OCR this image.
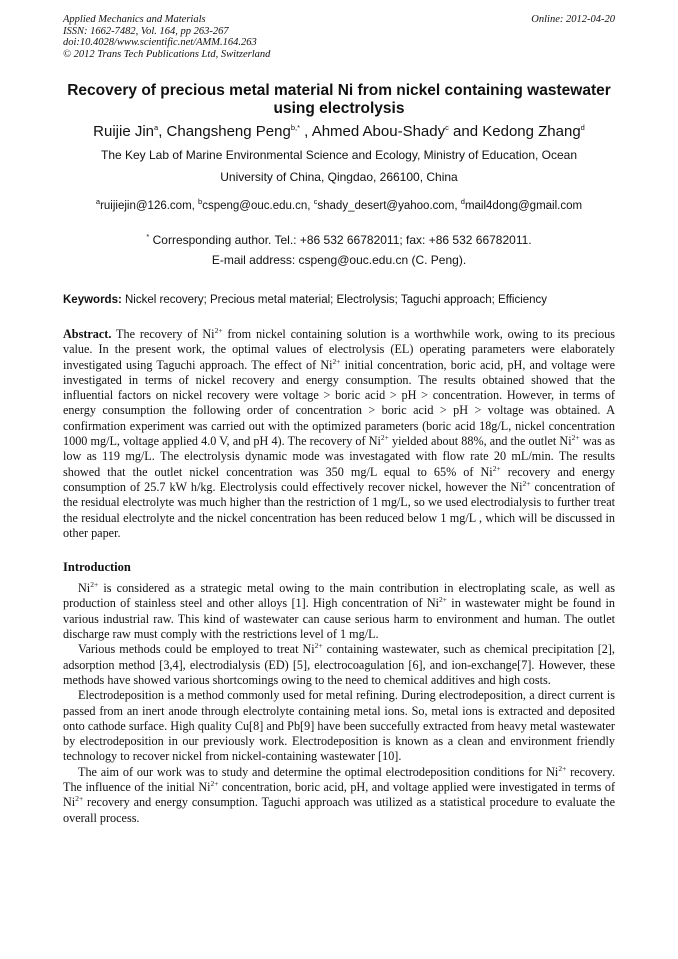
Applied Mechanics and Materials
ISSN: 1662-7482, Vol. 164, pp 263-267
doi:10.4028/www.scientific.net/AMM.164.263
© 2012 Trans Tech Publications Ltd, Switzerland
Online: 2012-04-20
Recovery of precious metal material Ni from nickel containing wastewater using electrolysis
Ruijie Jin$^a$, Changsheng Peng$^{b,*}$ , Ahmed Abou-Shady$^c$ and Kedong Zhang$^d$
The Key Lab of Marine Environmental Science and Ecology, Ministry of Education, Ocean
University of China, Qingdao, 266100, China
$^a$ruijiejin@126.com, $^b$cspeng@ouc.edu.cn, $^c$shady_desert@yahoo.com, $^d$mail4dong@gmail.com
* Corresponding author. Tel.: +86 532 66782011; fax: +86 532 66782011.
E-mail address: cspeng@ouc.edu.cn (C. Peng).
Keywords: Nickel recovery; Precious metal material; Electrolysis; Taguchi approach; Efficiency

Abstract. The recovery of $Ni^{2+}$ from nickel containing solution is a worthwhile work, owing to its precious value. In the present work, the optimal values of electrolysis (EL) operating parameters were elaborately investigated using Taguchi approach. The effect of $Ni^{2+}$ initial concentration, boric acid, pH, and voltage were investigated in terms of nickel recovery and energy consumption. The results obtained showed that the influential factors on nickel recovery were voltage > boric acid > pH > concentration. However, in terms of energy consumption the following order of concentration > boric acid > pH > voltage was obtained. A confirmation experiment was carried out with the optimized parameters (boric acid 18g/L, nickel concentration 1000 mg/L, voltage applied 4.0 V, and pH 4). The recovery of $Ni^{2+}$ yielded about 88%, and the outlet $Ni^{2+}$ was as low as 119 mg/L. The electrolysis dynamic mode was investagated with flow rate 20 mL/min. The results showed that the outlet nickel concentration was 350 mg/L equal to 65% of $Ni^{2+}$ recovery and energy consumption of 25.7 kW h/kg. Electrolysis could effectively recover nickel, however the $Ni^{2+}$ concentration of the residual electrolyte was much higher than the restriction of 1 mg/L, so we used electrodialysis to further treat the residual electrolyte and the nickel concentration has been reduced below 1 mg/L , which will be discussed in other paper.

Introduction

$Ni^{2+}$ is considered as a strategic metal owing to the main contribution in electroplating scale, as well as production of stainless steel and other alloys [1]. High concentration of $Ni^{2+}$ in wastewater might be found in various industrial raw. This kind of wastewater can cause serious harm to environment and human. The outlet discharge raw must comply with the restrictions level of 1 mg/L.

Various methods could be employed to treat $Ni^{2+}$ containing wastewater, such as chemical precipitation [2], adsorption method [3,4], electrodialysis (ED) [5], electrocoagulation [6], and ion-exchange[7]. However, these methods have showed various shortcomings owing to the need to chemical additives and high costs.

Electrodeposition is a method commonly used for metal refining. During electrodeposition, a direct current is passed from an inert anode through electrolyte containing metal ions. So, metal ions is extracted and deposited onto cathode surface. High quality Cu[8] and Pb[9] have been succefully extracted from heavy metal wastewater by electrodeposition in our previously work. Electrodeposition is known as a clean and environment friendly technology to recover nickel from nickel-containing wastewater [10].

The aim of our work was to study and determine the optimal electrodeposition conditions for $Ni^{2+}$ recovery. The influence of the initial $Ni^{2+}$ concentration, boric acid, pH, and voltage applied were investigated in terms of $Ni^{2+}$ recovery and energy consumption. Taguchi approach was utilized as a statistical procedure to evaluate the overall process.
